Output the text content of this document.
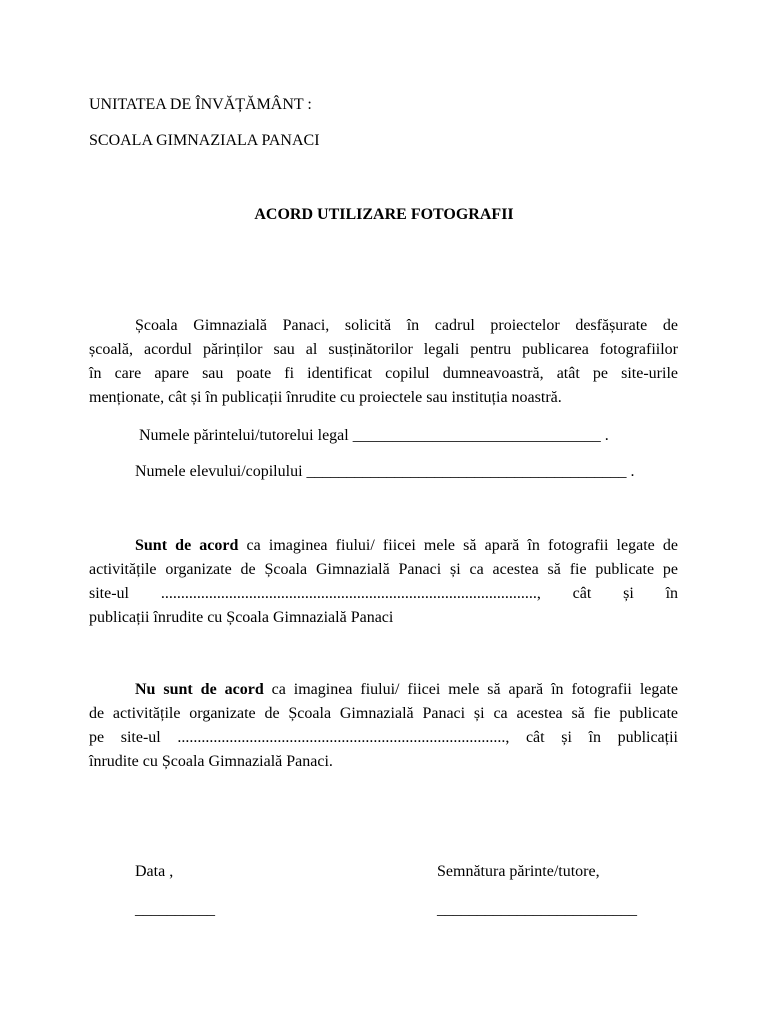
UNITATEA DE ÎNVĂȚĂMÂNT :
SCOALA GIMNAZIALA PANACI
ACORD UTILIZARE FOTOGRAFII
Școala Gimnazială Panaci, solicită în cadrul proiectelor desfășurate de
școală, acordul părinților sau al susținătorilor legali pentru publicarea fotografiilor
în care apare sau poate fi identificat copilul dumneavoastră, atât pe site-urile
menționate, cât și în publicații înrudite cu proiectele sau instituția noastră.
Numele părintelui/tutorelui legal _______________________________ .
Numele elevului/copilului ________________________________________ .
Sunt de acord ca imaginea fiului/ fiicei mele să apară în fotografii legate de
activitățile organizate de Școala Gimnazială Panaci și ca acestea să fie publicate pe
site-ul .............................................................................................., cât și în
publicații înrudite cu Școala Gimnazială Panaci
Nu sunt de acord ca imaginea fiului/ fiicei mele să apară în fotografii legate
de activitățile organizate de Școala Gimnazială Panaci și ca acestea să fie publicate
pe site-ul .................................................................................., cât și în publicații
înrudite cu Școala Gimnazială Panaci.
Data ,	Semnătura părinte/tutore,
__________	_________________________
